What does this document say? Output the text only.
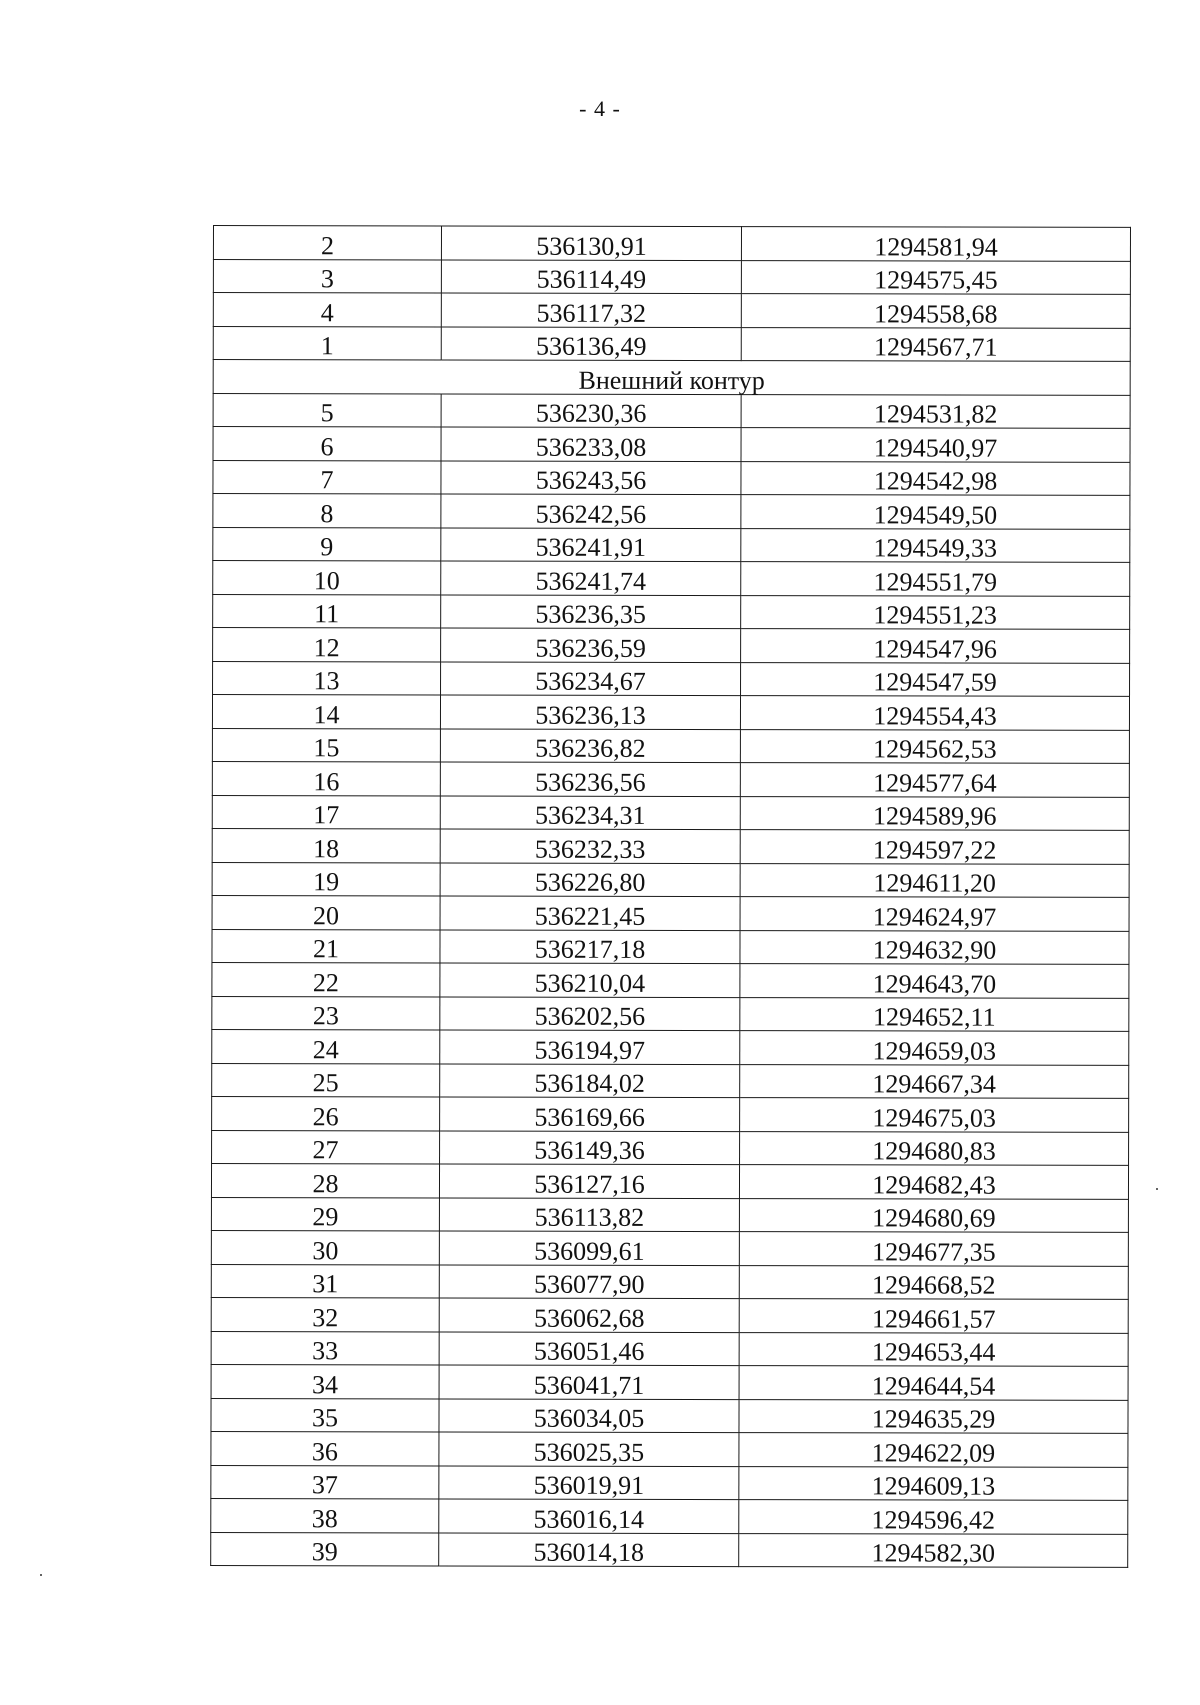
- 4 -
2	536130,91	1294581,94
3	536114,49	1294575,45
4	536117,32	1294558,68
1	536136,49	1294567,71
Внешний контур		
5	536230,36	1294531,82
6	536233,08	1294540,97
7	536243,56	1294542,98
8	536242,56	1294549,50
9	536241,91	1294549,33
10	536241,74	1294551,79
11	536236,35	1294551,23
12	536236,59	1294547,96
13	536234,67	1294547,59
14	536236,13	1294554,43
15	536236,82	1294562,53
16	536236,56	1294577,64
17	536234,31	1294589,96
18	536232,33	1294597,22
19	536226,80	1294611,20
20	536221,45	1294624,97
21	536217,18	1294632,90
22	536210,04	1294643,70
23	536202,56	1294652,11
24	536194,97	1294659,03
25	536184,02	1294667,34
26	536169,66	1294675,03
27	536149,36	1294680,83
28	536127,16	1294682,43
29	536113,82	1294680,69
30	536099,61	1294677,35
31	536077,90	1294668,52
32	536062,68	1294661,57
33	536051,46	1294653,44
34	536041,71	1294644,54
35	536034,05	1294635,29
36	536025,35	1294622,09
37	536019,91	1294609,13
38	536016,14	1294596,42
39	536014,18	1294582,30
